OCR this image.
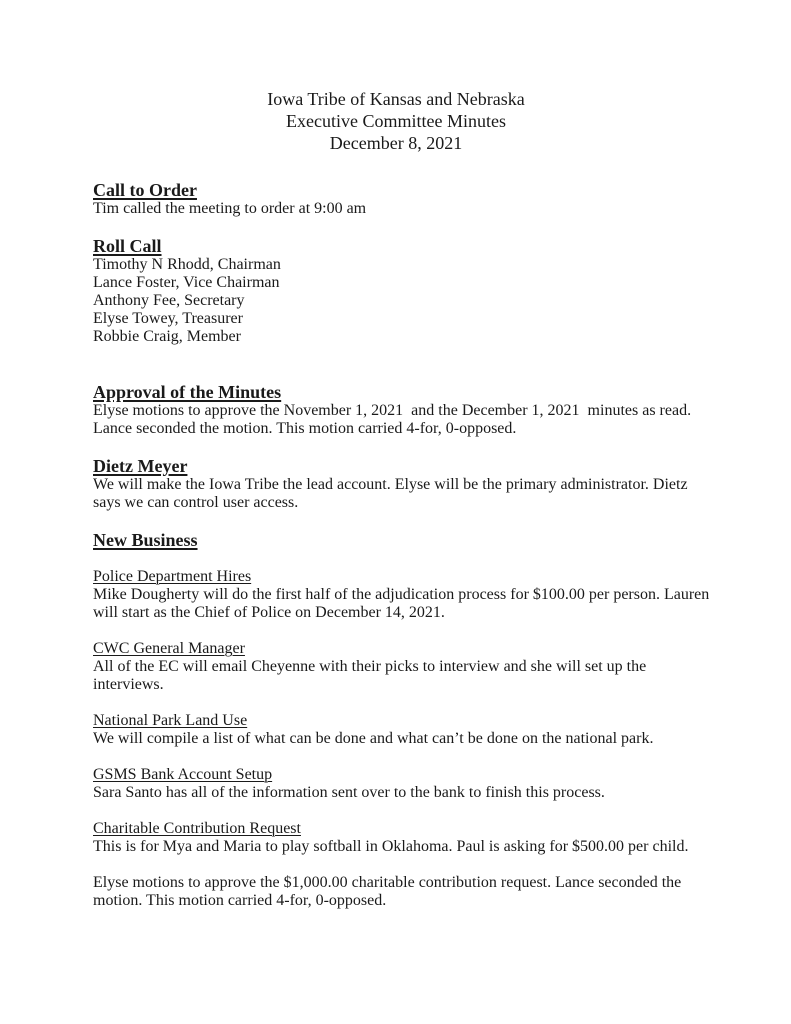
Iowa Tribe of Kansas and Nebraska
Executive Committee Minutes
December 8, 2021
Call to Order
Tim called the meeting to order at 9:00 am
Roll Call
Timothy N Rhodd, Chairman
Lance Foster, Vice Chairman
Anthony Fee, Secretary
Elyse Towey, Treasurer
Robbie Craig, Member
Approval of the Minutes
Elyse motions to approve the November 1, 2021  and the December 1, 2021  minutes as read. Lance seconded the motion. This motion carried 4-for, 0-opposed.
Dietz Meyer
We will make the Iowa Tribe the lead account. Elyse will be the primary administrator. Dietz says we can control user access.
New Business
Police Department Hires
Mike Dougherty will do the first half of the adjudication process for $100.00 per person. Lauren will start as the Chief of Police on December 14, 2021.
CWC General Manager
All of the EC will email Cheyenne with their picks to interview and she will set up the interviews.
National Park Land Use
We will compile a list of what can be done and what can’t be done on the national park.
GSMS Bank Account Setup
Sara Santo has all of the information sent over to the bank to finish this process.
Charitable Contribution Request
This is for Mya and Maria to play softball in Oklahoma. Paul is asking for $500.00 per child.
Elyse motions to approve the $1,000.00 charitable contribution request. Lance seconded the motion. This motion carried 4-for, 0-opposed.
